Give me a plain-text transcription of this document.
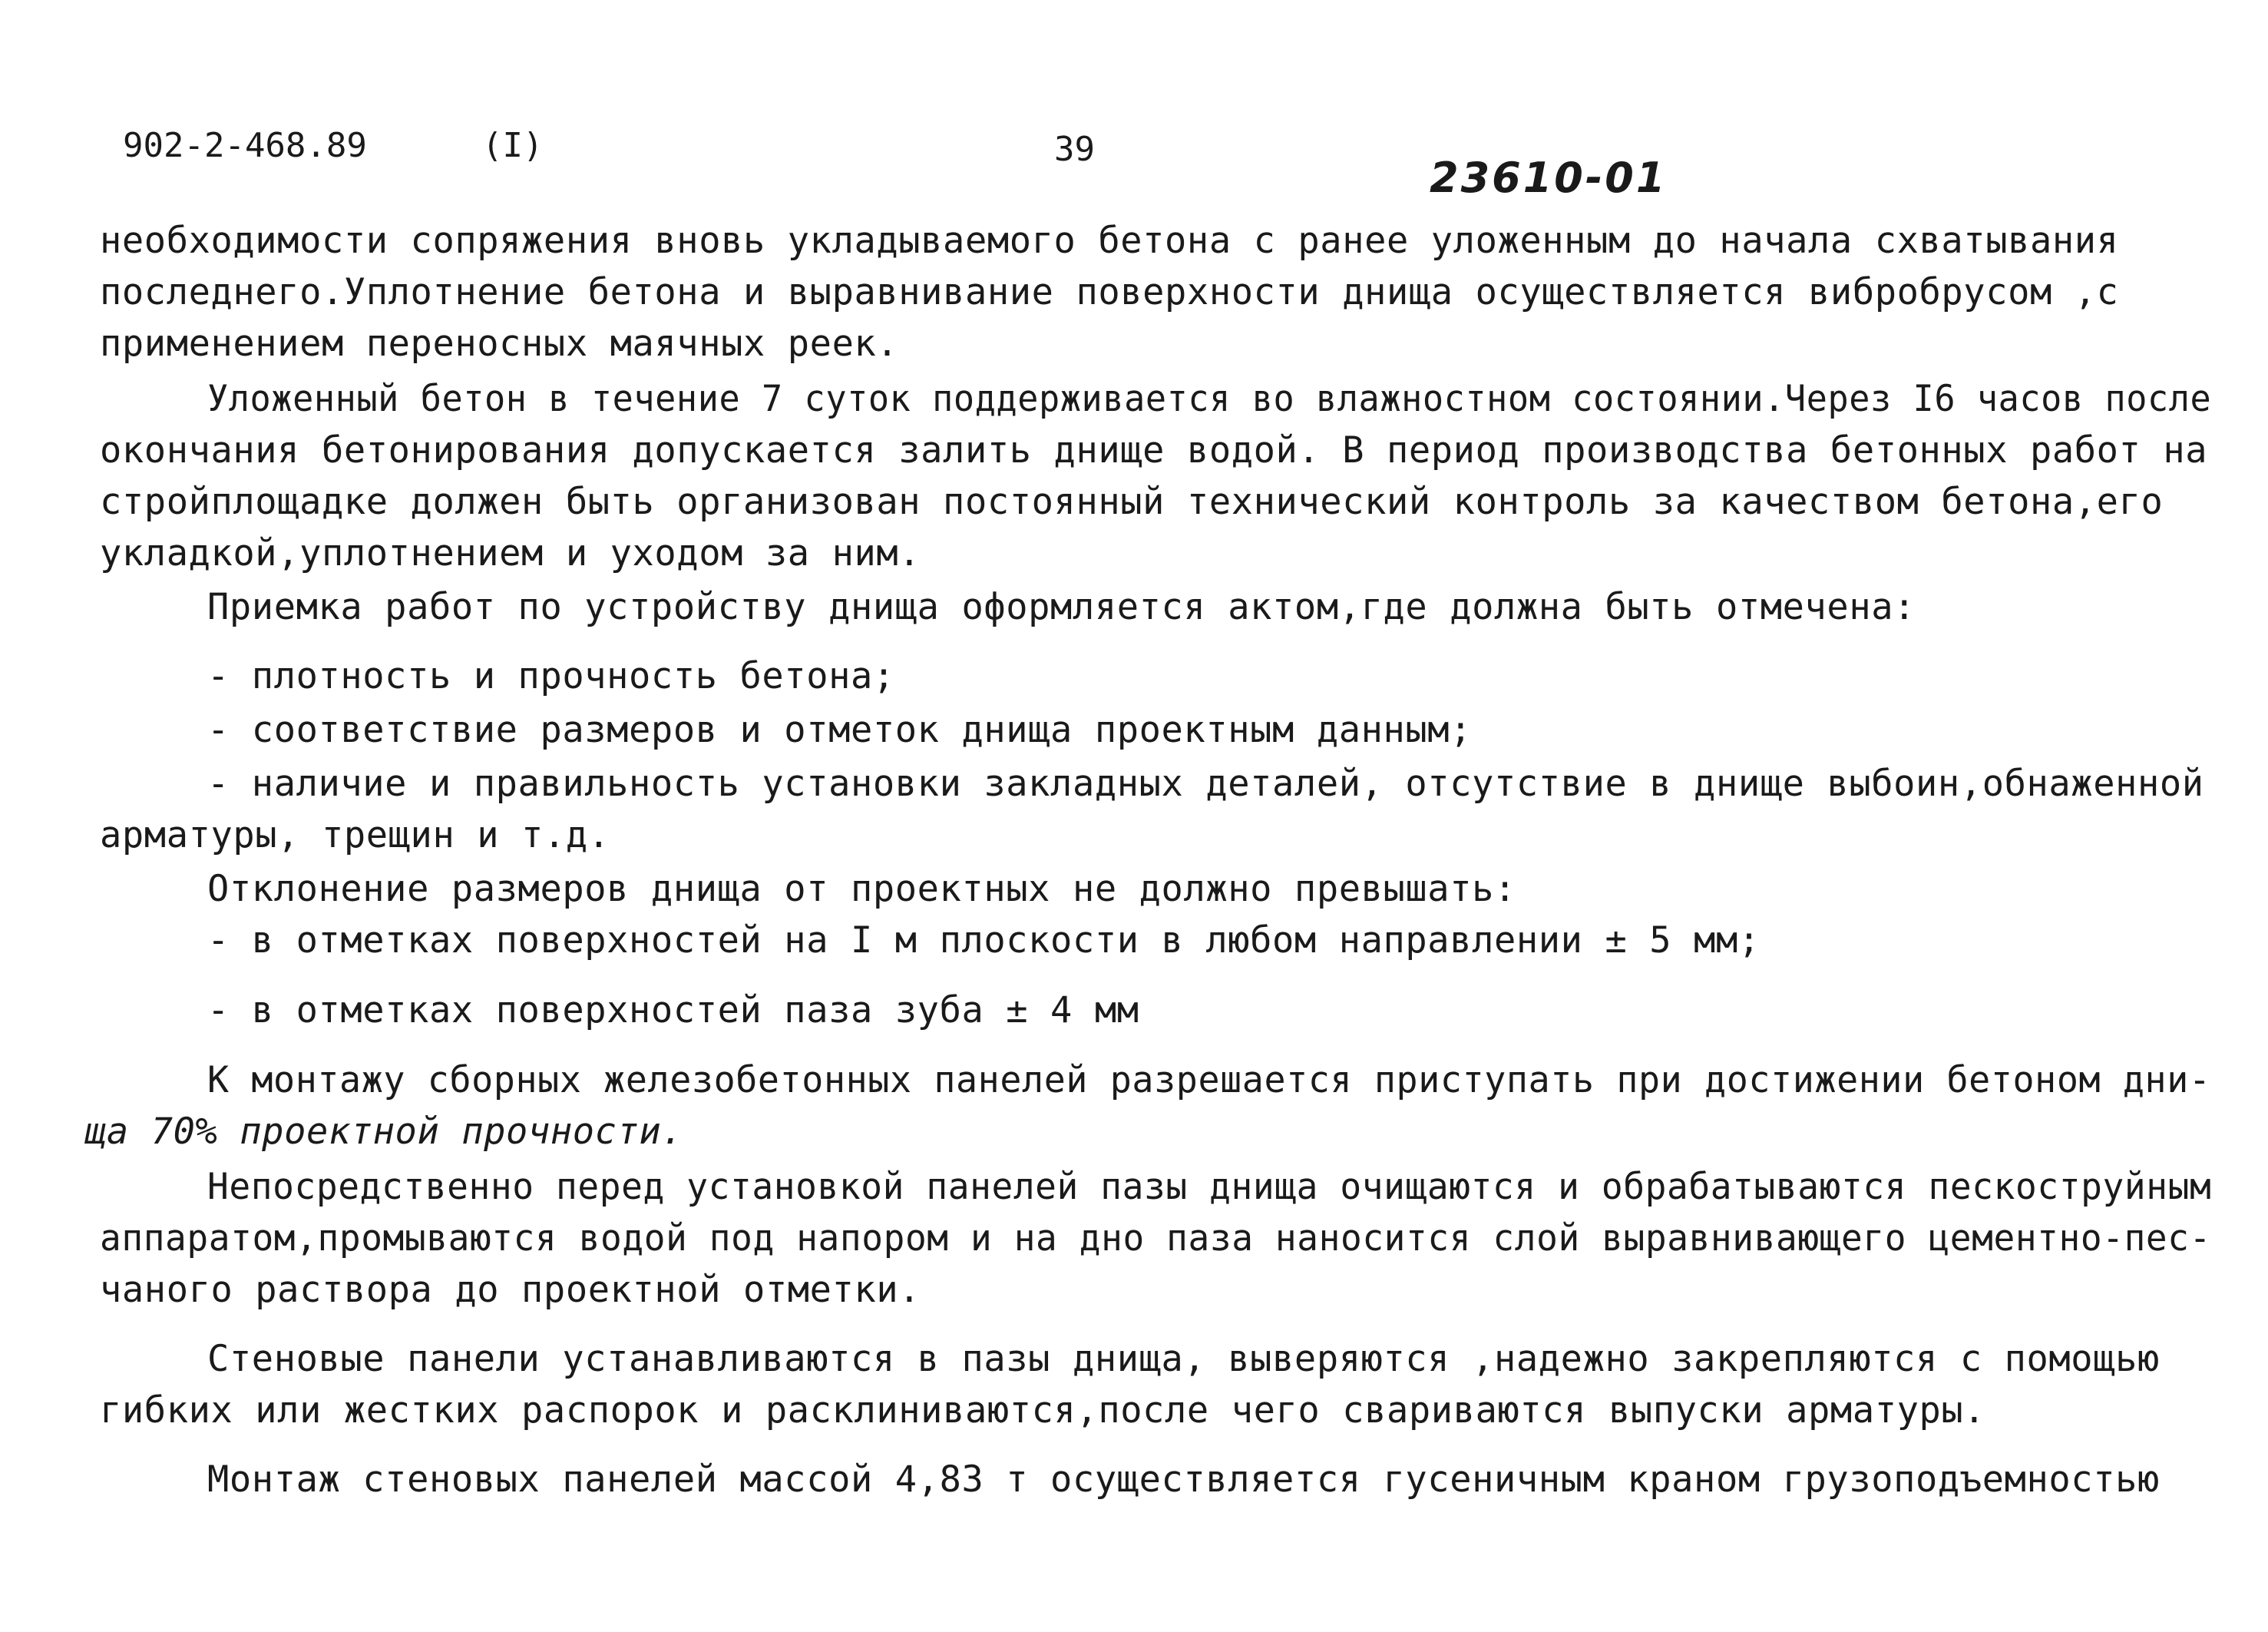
902-2-468.89	(I)	39
23610-01
необходимости сопряжения вновь укладываемого бетона с ранее уложенным до начала схватывания
последнего.Уплотнение бетона и выравнивание поверхности днища осуществляется вибробрусом ,с
применением переносных маячных реек.
Уложенный бетон в течение 7 суток поддерживается во влажностном состоянии.Через I6 часов после
окончания бетонирования допускается залить днище водой. В период производства бетонных работ на
стройплощадке должен быть организован постоянный технический контроль за качеством бетона,его
укладкой,уплотнением и уходом за ним.
Приемка работ по устройству днища оформляется актом,где должна быть отмечена:
- плотность и прочность бетона;
- соответствие размеров и отметок днища проектным данным;
- наличие и правильность установки закладных деталей, отсутствие в днище выбоин,обнаженной
арматуры, трещин и т.д.
Отклонение размеров днища от проектных не должно превышать:
- в отметках поверхностей на I м плоскости в любом направлении ± 5 мм;
- в отметках поверхностей паза зуба ± 4 мм
К монтажу сборных железобетонных панелей разрешается приступать при достижении бетоном дни-
ща 70% проектной прочности.
Непосредственно перед установкой панелей пазы днища очищаются и обрабатываются пескоструйным
аппаратом,промываются водой под напором и на дно паза наносится слой выравнивающего цементно-пес-
чаного раствора до проектной отметки.
Стеновые панели устанавливаются в пазы днища, выверяются ,надежно закрепляются с помощью
гибких или жестких распорок и расклиниваются,после чего свариваются выпуски арматуры.
Монтаж стеновых панелей массой 4,83 т осуществляется гусеничным краном грузоподъемностью
